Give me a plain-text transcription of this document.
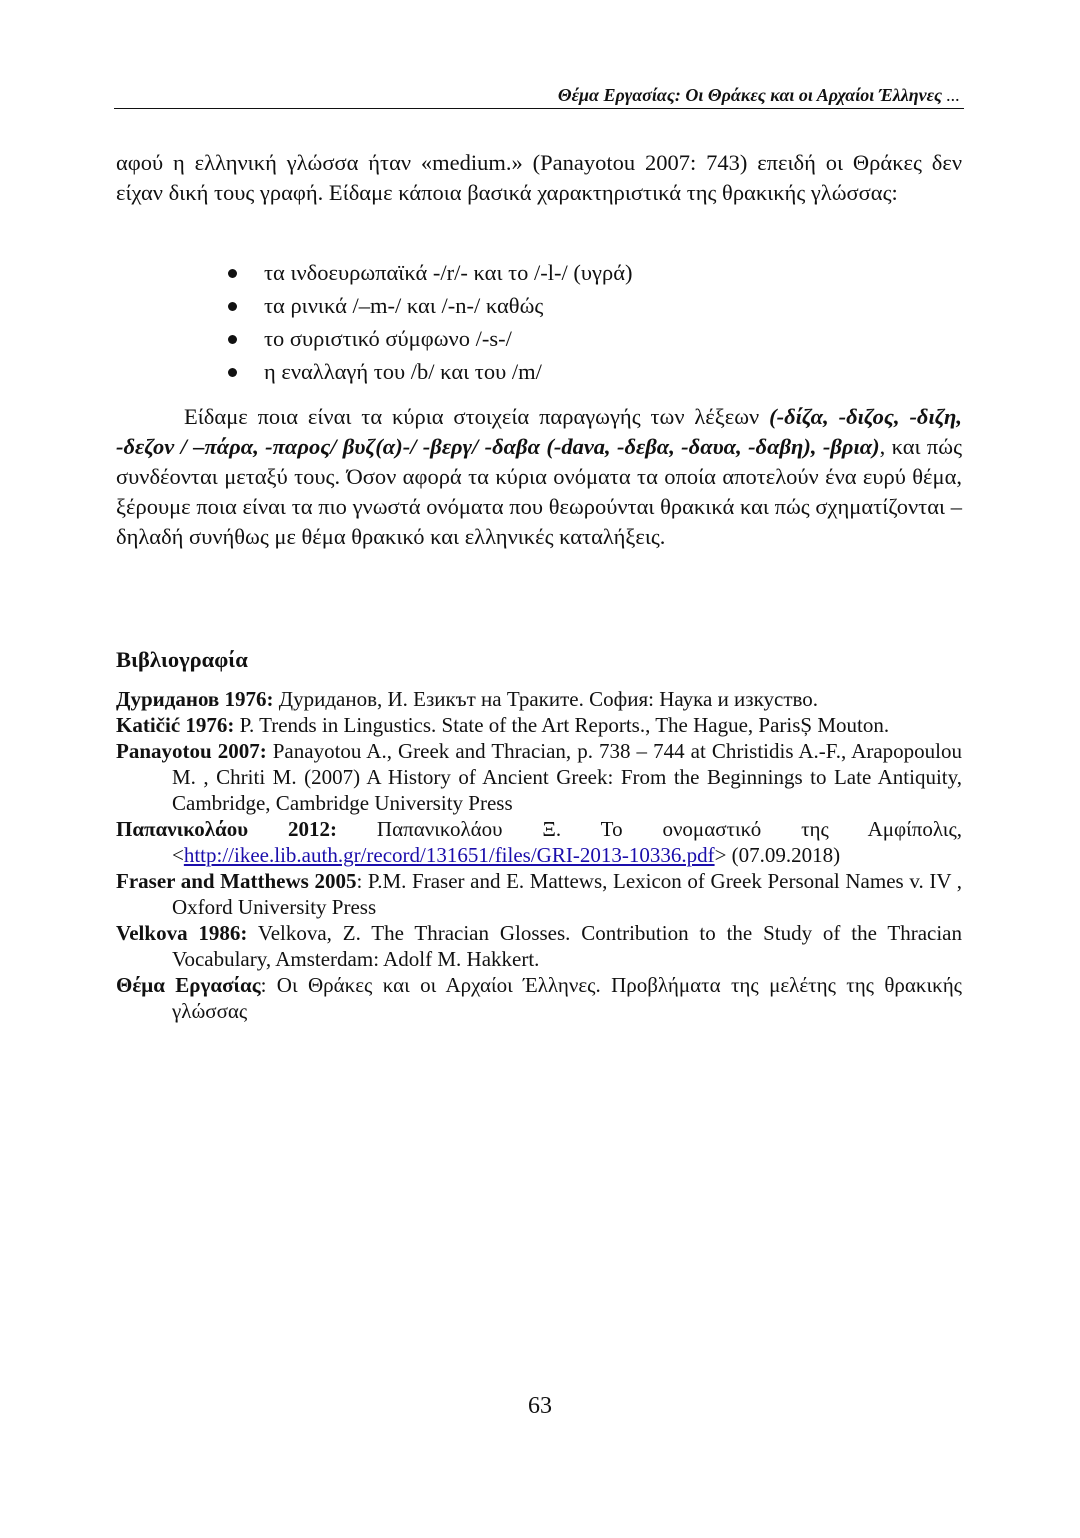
Θέμα Εργασίας: Οι Θράκες και οι Αρχαίοι Έλληνες ...

αφού η ελληνική γλώσσα ήταν «medium.» (Panayotou 2007: 743) επειδή οι Θράκες δεν είχαν δική τους γραφή. Είδαμε κάποια βασικά χαρακτηριστικά της θρακικής γλώσσας:

τα ινδοευρωπαϊκά -/r/- και το /-l-/ (υγρά)
τα ρινικά /–m-/ και /-n-/ καθώς
το συριστικό σύμφωνο /-s-/
η εναλλαγή του /b/ και του /m/

Είδαμε ποια είναι τα κύρια στοιχεία παραγωγής των λέξεων (-δίζα, -διζος, -διζη, -δεζον / –πάρα, -παρος/ βυζ(α)-/ -βεργ/ -δαβα (-dava, -δεβα, -δαυα, -δαβη), -βρια), και πώς συνδέονται μεταξύ τους. Όσον αφορά τα κύρια ονόματα τα οποία αποτελούν ένα ευρύ θέμα, ξέρουμε ποια είναι τα πιο γνωστά ονόματα που θεωρούνται θρακικά και πώς σχηματίζονται – δηλαδή συνήθως με θέμα θρακικό και ελληνικές καταλήξεις.

Βιβλιογραφία
Дуриданов 1976: Дуриданов, И. Езикът на Траките. София: Наука и изкуство.
Katičić 1976: P. Trends in Lingustics. State of the Art Reports., The Hague, ParisȘ Mouton.
Panayotou 2007: Panayotou A., Greek and Thracian, p. 738 – 744 at Christidis A.-F., Arapopoulou M. , Chriti M. (2007) A History of Ancient Greek: From the Beginnings to Late Antiquity, Cambridge, Cambridge University Press
Παπανικολάου 2012: Παπανικολάου Ξ. Το ονομαστικό της Αμφίπολις, <http://ikee.lib.auth.gr/record/131651/files/GRI-2013-10336.pdf> (07.09.2018)
Fraser and Matthews 2005: P.M. Fraser and E. Mattews, Lexicon of Greek Personal Names v. IV , Oxford University Press
Velkova 1986: Velkova, Z. The Thracian Glosses. Contribution to the Study of the Thracian Vocabulary, Amsterdam: Adolf M. Hakkert.
Θέμα Εργασίας: Οι Θράκες και οι Αρχαίοι Έλληνες. Προβλήματα της μελέτης της θρακικής γλώσσας
63
